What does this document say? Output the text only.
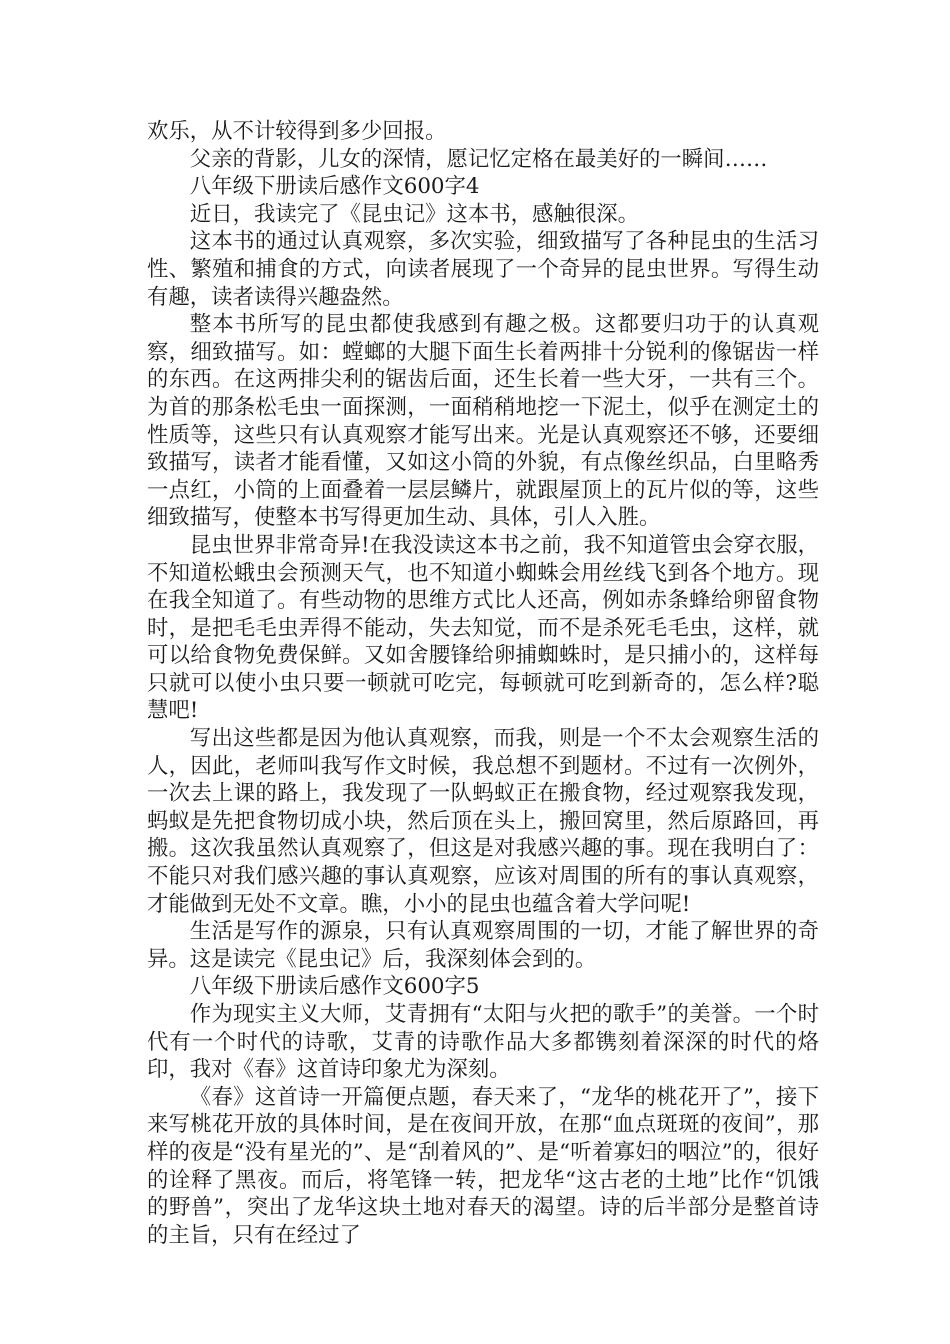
欢乐，从不计较得到多少回报。

父亲的背影，儿女的深情，愿记忆定格在最美好的一瞬间……

八年级下册读后感作文600字4

近日，我读完了《昆虫记》这本书，感触很深。

这本书的通过认真观察，多次实验，细致描写了各种昆虫的生活习性、繁殖和捕食的方式，向读者展现了一个奇异的昆虫世界。写得生动有趣，读者读得兴趣盎然。

整本书所写的昆虫都使我感到有趣之极。这都要归功于的认真观察，细致描写。如：螳螂的大腿下面生长着两排十分锐利的像锯齿一样的东西。在这两排尖利的锯齿后面，还生长着一些大牙，一共有三个。为首的那条松毛虫一面探测，一面稍稍地挖一下泥土，似乎在测定土的性质等，这些只有认真观察才能写出来。光是认真观察还不够，还要细致描写，读者才能看懂，又如这小筒的外貌，有点像丝织品，白里略秀一点红，小筒的上面叠着一层层鳞片，就跟屋顶上的瓦片似的等，这些细致描写，使整本书写得更加生动、具体，引人入胜。

昆虫世界非常奇异!在我没读这本书之前，我不知道管虫会穿衣服，不知道松蛾虫会预测天气，也不知道小蜘蛛会用丝线飞到各个地方。现在我全知道了。有些动物的思维方式比人还高，例如赤条蜂给卵留食物时，是把毛毛虫弄得不能动，失去知觉，而不是杀死毛毛虫，这样，就可以给食物免费保鲜。又如舍腰锋给卵捕蜘蛛时，是只捕小的，这样每只就可以使小虫只要一顿就可吃完，每顿就可吃到新奇的，怎么样?聪慧吧!

写出这些都是因为他认真观察，而我，则是一个不太会观察生活的人，因此，老师叫我写作文时候，我总想不到题材。不过有一次例外，一次去上课的路上，我发现了一队蚂蚁正在搬食物，经过观察我发现，蚂蚁是先把食物切成小块，然后顶在头上，搬回窝里，然后原路回，再搬。这次我虽然认真观察了，但这是对我感兴趣的事。现在我明白了：不能只对我们感兴趣的事认真观察，应该对周围的所有的事认真观察，才能做到无处不文章。瞧，小小的昆虫也蕴含着大学问呢!

生活是写作的源泉，只有认真观察周围的一切，才能了解世界的奇异。这是读完《昆虫记》后，我深刻体会到的。

八年级下册读后感作文600字5

作为现实主义大师，艾青拥有“太阳与火把的歌手”的美誉。一个时代有一个时代的诗歌，艾青的诗歌作品大多都镌刻着深深的时代的烙印，我对《春》这首诗印象尤为深刻。

《春》这首诗一开篇便点题，春天来了，“龙华的桃花开了”，接下来写桃花开放的具体时间，是在夜间开放，在那“血点斑斑的夜间”，那样的夜是“没有星光的”、是“刮着风的”、是“听着寡妇的咽泣”的，很好的诠释了黑夜。而后，将笔锋一转，把龙华“这古老的土地”比作“饥饿的野兽”，突出了龙华这块土地对春天的渴望。诗的后半部分是整首诗的主旨，只有在经过了
